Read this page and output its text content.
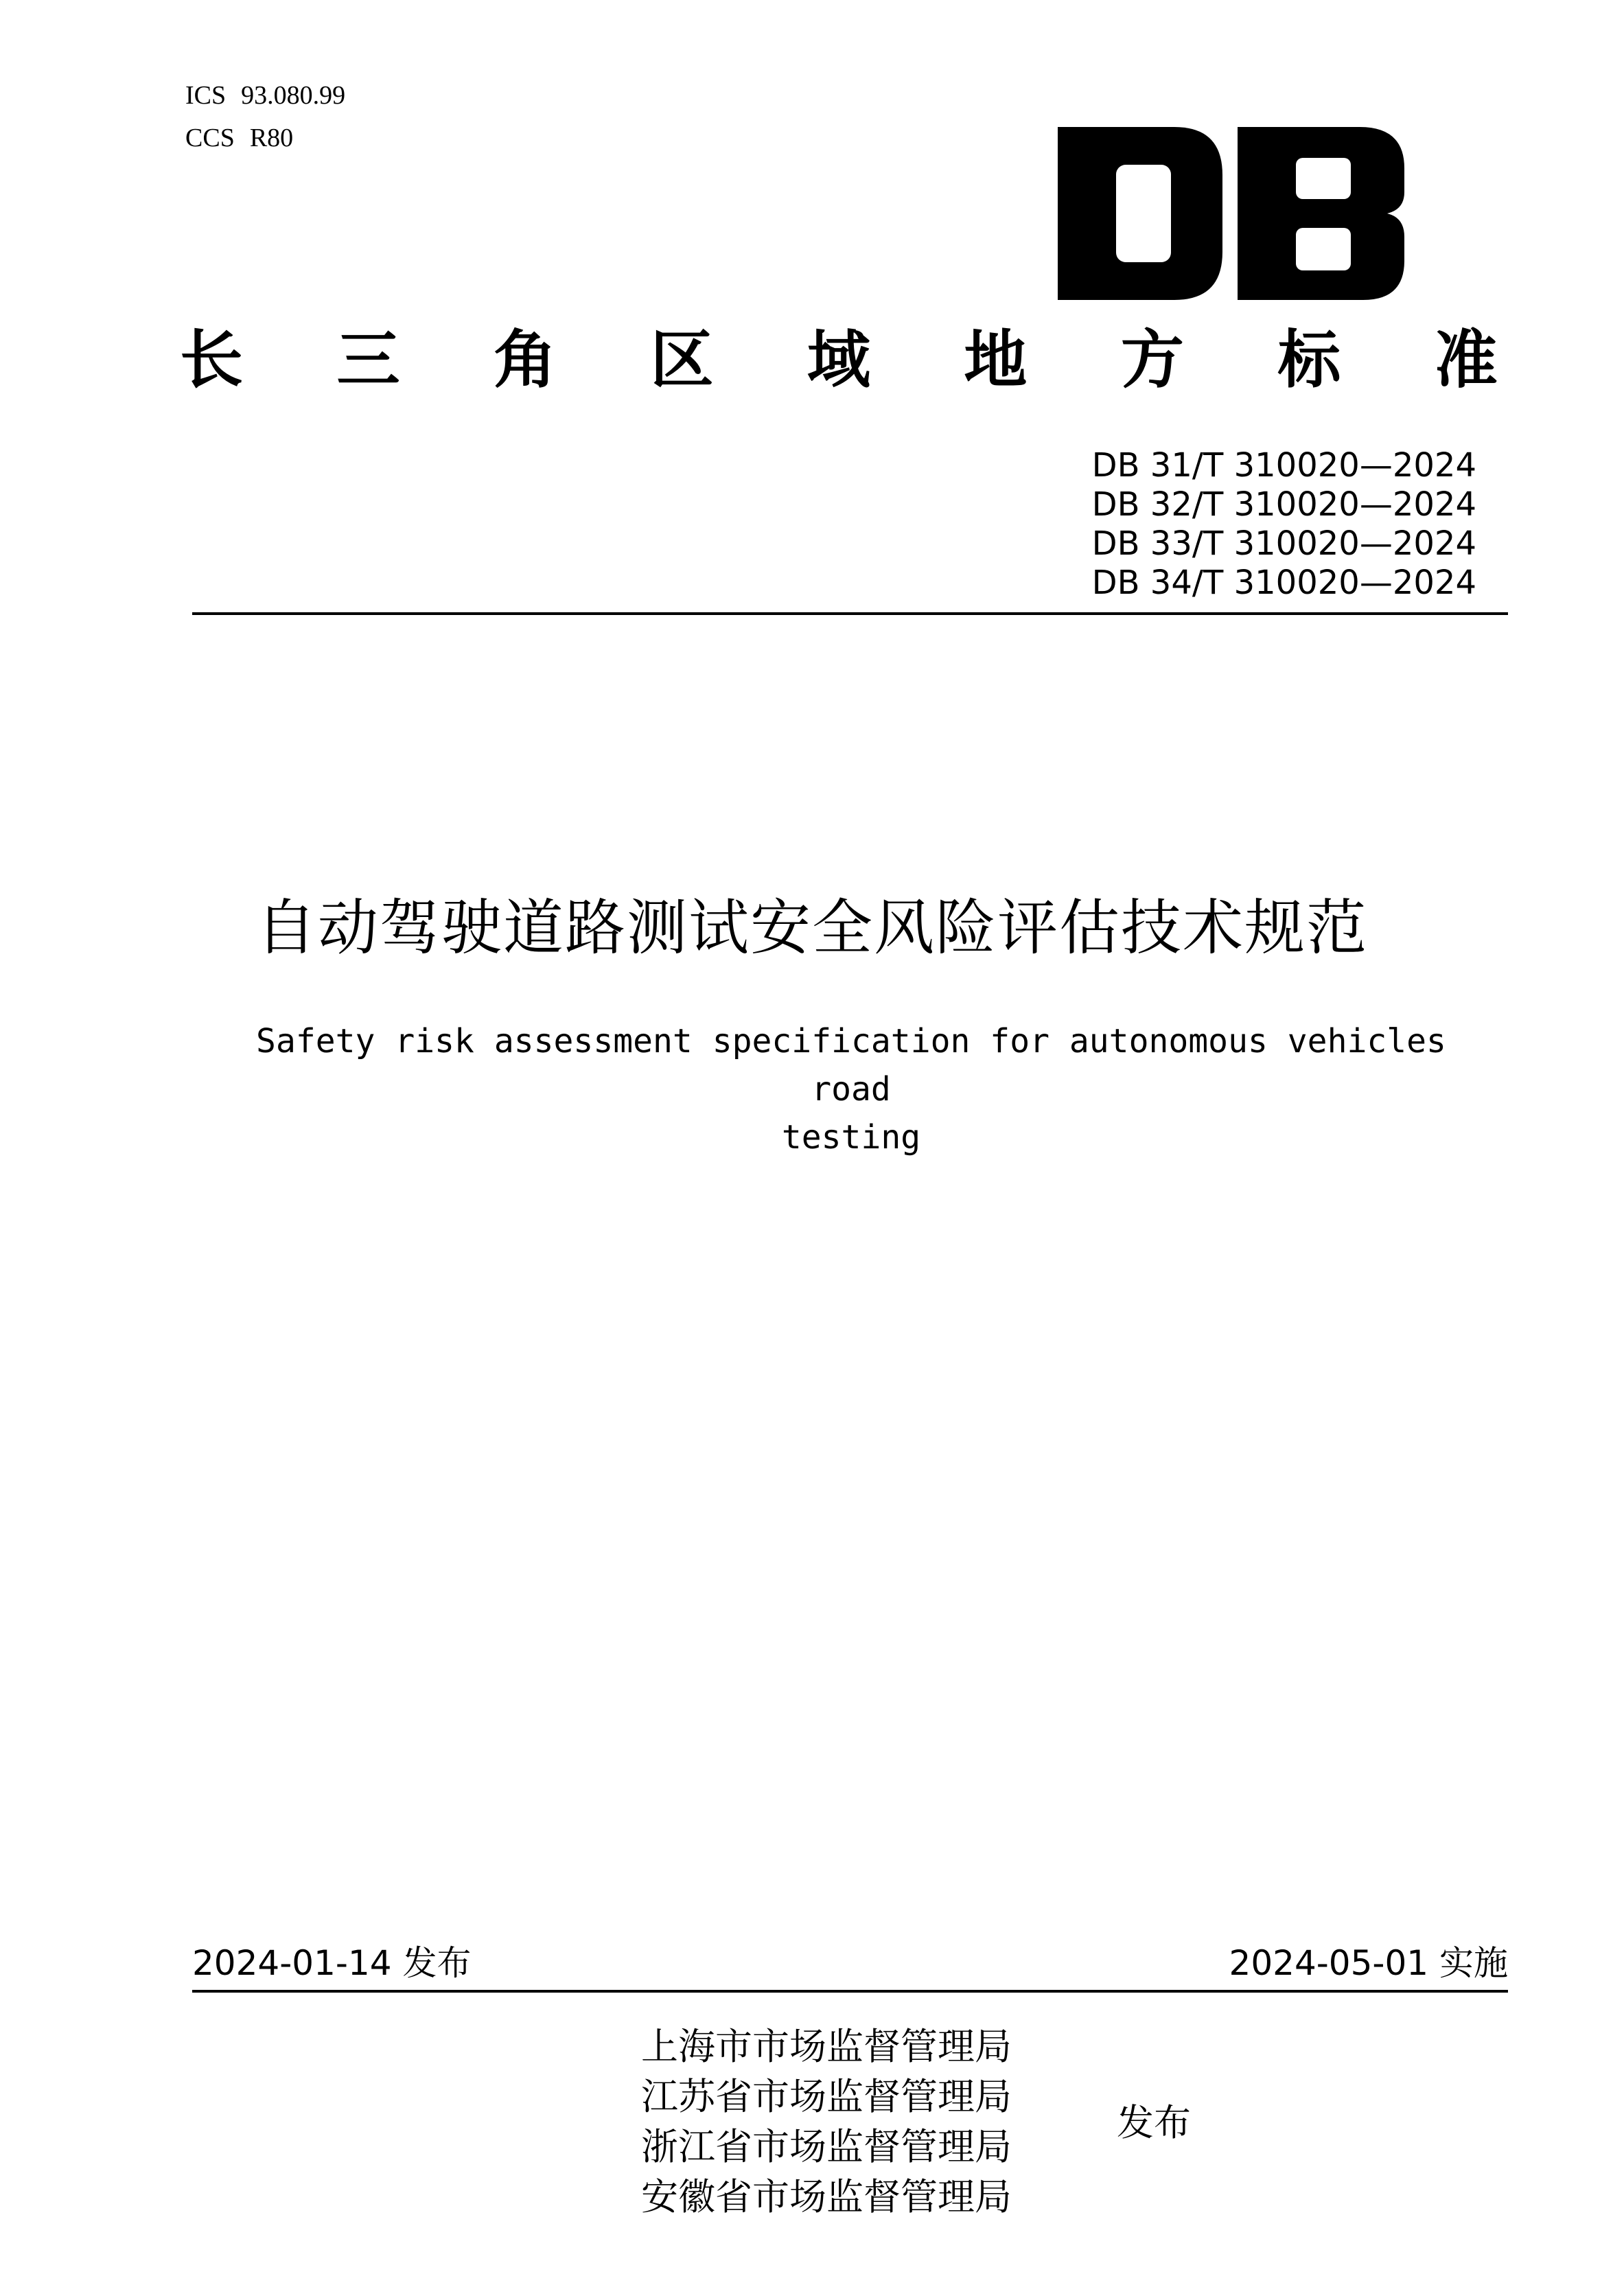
ICS 93.080.99
CCS R80
长 三 角 区 域 地 方 标 准
DB 31/T 310020—2024
DB 32/T 310020—2024
DB 33/T 310020—2024
DB 34/T 310020—2024
自动驾驶道路测试安全风险评估技术规范
Safety risk assessment specification for autonomous vehicles road
testing
2024-01-14 发布	2024-05-01 实施
上海市市场监督管理局
江苏省市场监督管理局
浙江省市场监督管理局
安徽省市场监督管理局
发布
